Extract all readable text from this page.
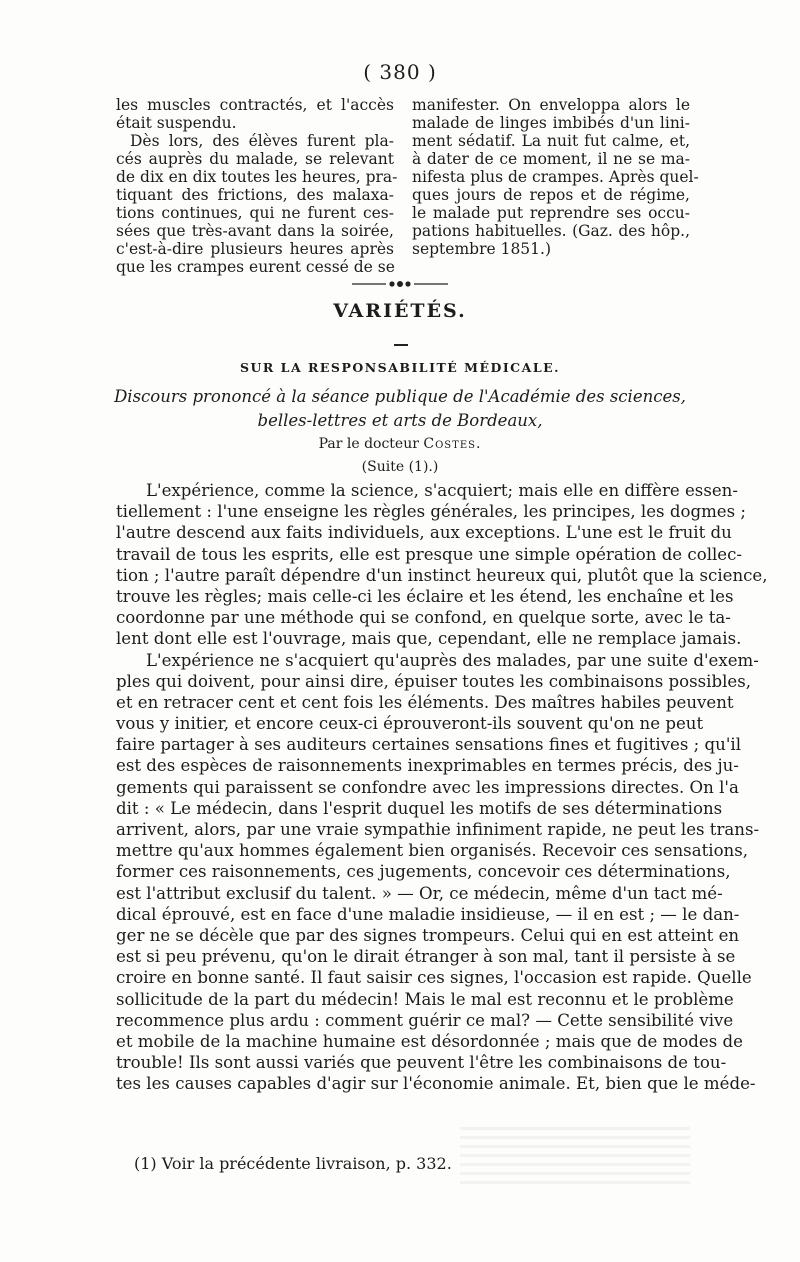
( 380 )
les muscles contractés, et l'accès
était suspendu.
Dès lors, des élèves furent pla-
cés auprès du malade, se relevant
de dix en dix toutes les heures, pra-
tiquant des frictions, des malaxa-
tions continues, qui ne furent ces-
sées que très-avant dans la soirée,
c'est-à-dire plusieurs heures après
que les crampes eurent cessé de se
manifester. On enveloppa alors le
malade de linges imbibés d'un lini-
ment sédatif. La nuit fut calme, et,
à dater de ce moment, il ne se ma-
nifesta plus de crampes. Après quel-
ques jours de repos et de régime,
le malade put reprendre ses occu-
pations habituelles. (Gaz. des hôp.,
septembre 1851.)
VARIÉTÉS.
SUR LA RESPONSABILITÉ MÉDICALE.
Discours prononcé à la séance publique de l'Académie des sciences,
belles-lettres et arts de Bordeaux,
Par le docteur Costes.
(Suite (1).)
L'expérience, comme la science, s'acquiert; mais elle en diffère essen-
tiellement : l'une enseigne les règles générales, les principes, les dogmes ;
l'autre descend aux faits individuels, aux exceptions. L'une est le fruit du
travail de tous les esprits, elle est presque une simple opération de collec-
tion ; l'autre paraît dépendre d'un instinct heureux qui, plutôt que la science,
trouve les règles; mais celle-ci les éclaire et les étend, les enchaîne et les
coordonne par une méthode qui se confond, en quelque sorte, avec le ta-
lent dont elle est l'ouvrage, mais que, cependant, elle ne remplace jamais.
L'expérience ne s'acquiert qu'auprès des malades, par une suite d'exem-
ples qui doivent, pour ainsi dire, épuiser toutes les combinaisons possibles,
et en retracer cent et cent fois les éléments. Des maîtres habiles peuvent
vous y initier, et encore ceux-ci éprouveront-ils souvent qu'on ne peut
faire partager à ses auditeurs certaines sensations fines et fugitives ; qu'il
est des espèces de raisonnements inexprimables en termes précis, des ju-
gements qui paraissent se confondre avec les impressions directes. On l'a
dit : « Le médecin, dans l'esprit duquel les motifs de ses déterminations
arrivent, alors, par une vraie sympathie infiniment rapide, ne peut les trans-
mettre qu'aux hommes également bien organisés. Recevoir ces sensations,
former ces raisonnements, ces jugements, concevoir ces déterminations,
est l'attribut exclusif du talent. » — Or, ce médecin, même d'un tact mé-
dical éprouvé, est en face d'une maladie insidieuse, — il en est ; — le dan-
ger ne se décèle que par des signes trompeurs. Celui qui en est atteint en
est si peu prévenu, qu'on le dirait étranger à son mal, tant il persiste à se
croire en bonne santé. Il faut saisir ces signes, l'occasion est rapide. Quelle
sollicitude de la part du médecin! Mais le mal est reconnu et le problème
recommence plus ardu : comment guérir ce mal? — Cette sensibilité vive
et mobile de la machine humaine est désordonnée ; mais que de modes de
trouble! Ils sont aussi variés que peuvent l'être les combinaisons de tou-
tes les causes capables d'agir sur l'économie animale. Et, bien que le méde-
(1) Voir la précédente livraison, p. 332.
